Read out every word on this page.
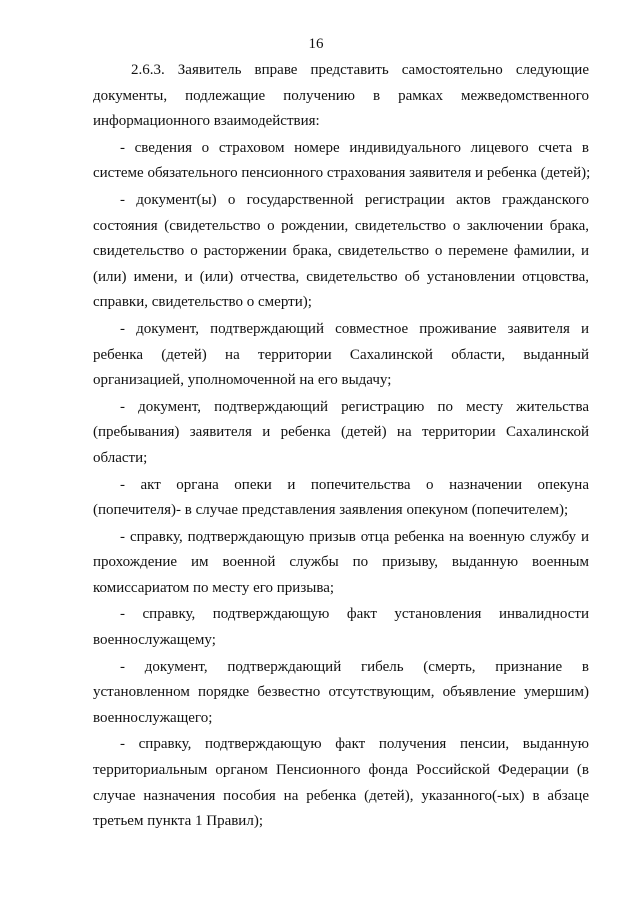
16

2.6.3. Заявитель вправе представить самостоятельно следующие
документы, подлежащие получению в рамках межведомственного
информационного взаимодействия:

- сведения о страховом номере индивидуального лицевого счета в
системе обязательного пенсионного страхования заявителя и ребенка (детей);

- документ(ы) о государственной регистрации актов гражданского
состояния (свидетельство о рождении, свидетельство о заключении брака,
свидетельство о расторжении брака, свидетельство о перемене фамилии, и
(или) имени, и (или) отчества, свидетельство об установлении отцовства,
справки, свидетельство о смерти);

- документ, подтверждающий совместное проживание заявителя и
ребенка (детей) на территории Сахалинской области, выданный
организацией, уполномоченной на его выдачу;

- документ, подтверждающий регистрацию по месту жительства
(пребывания) заявителя и ребенка (детей) на территории Сахалинской
области;

- акт органа опеки и попечительства о назначении опекуна
(попечителя)- в случае представления заявления опекуном (попечителем);

- справку, подтверждающую призыв отца ребенка на военную службу и
прохождение им военной службы по призыву, выданную военным
комиссариатом по месту его призыва;

- справку, подтверждающую факт установления инвалидности
военнослужащему;

- документ, подтверждающий гибель (смерть, признание в
установленном порядке безвестно отсутствующим, объявление умершим)
военнослужащего;

- справку, подтверждающую факт получения пенсии, выданную
территориальным органом Пенсионного фонда Российской Федерации (в
случае назначения пособия на ребенка (детей), указанного(-ых) в абзаце
третьем пункта 1 Правил);
